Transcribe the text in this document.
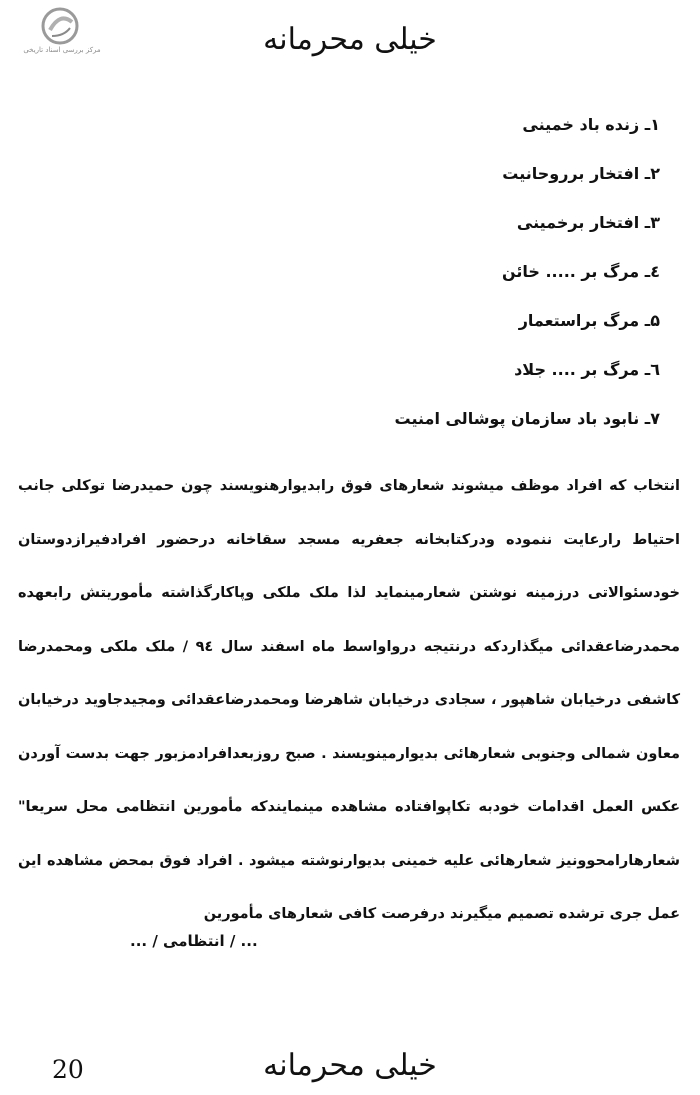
مرکز بررسی اسناد تاریخی	خیلی محرمانه
۱ـ زنده باد خمینی
۲ـ افتخار برروحانیت
۳ـ افتخار برخمینی
٤ـ مرگ بر ..... خائن
۵ـ مرگ براستعمار
٦ـ مرگ بر .... جلاد
۷ـ نابود باد سازمان پوشالی امنیت
انتخاب که افراد موظف میشوند شعارهای فوق رابدیوارهنویسند چون حمیدرضا توکلی جانب احتیاط رارعایت ننموده ودرکتابخانه جعفریه مسجد سقاخانه درحضور افرادفیرازدوستان خودسئوالاتی درزمینه نوشتن شعارمینماید لذا ملک ملکی وپاکارگذاشته مأموریتش رابعهده محمدرضاعقدائی میگذاردکه درنتیجه درواواسط ماه اسفند سال ۹٤ / ملک ملکی ومحمدرضا کاشفی درخیابان شاهپور ، سجادی درخیابان شاهرضا ومحمدرضاعقدائی ومجیدجاوید درخیابان معاون شمالی وجنوبی شعارهائی بدیوارمینویسند . صبح روزبعدافرادمزبور جهت بدست آوردن عکس العمل اقدامات خودبه تکاپوافتاده مشاهده مینمایندکه مأمورین انتظامی محل سریعا" شعارهارامحوونیز شعارهائی علیه خمینی بدیوارنوشته میشود . افراد فوق بمحض مشاهده این عمل جری ترشده تصمیم میگیرند درفرصت کافی شعارهای مأمورین
... / انتظامی / ...
20	خیلی محرمانه
